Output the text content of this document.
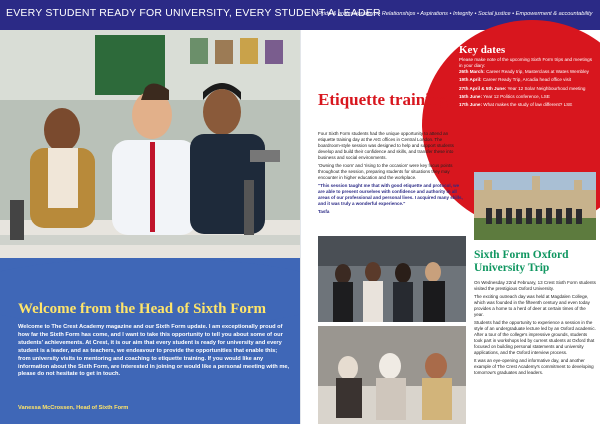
EVERY STUDENT READY FOR UNIVERSITY, EVERY STUDENT A LEADER
Pride & professionalism • Relationships • Aspirations • Integrity • Social justice • Empowerment & accountability
Welcome from the Head of Sixth Form
Welcome to The Crest Academy magazine and our Sixth Form update. I am exceptionally proud of how far the Sixth Form has come, and I want to take this opportunity to tell you about some of our students' achievements. At Crest, it is our aim that every student is ready for university and every student is a leader, and as teachers, we endeavour to provide the opportunities that enable this; from university visits to mentoring and coaching to etiquette training. If you would like any information about the Sixth Form, are interested in joining or would like a personal meeting with me, please do not hesitate to get in touch.
Vanessa McCrossen, Head of Sixth Form
Key dates
Please make note of the upcoming Sixth Form trips and meetings in your diary:
26th March: Career Ready trip, Masterclass at Wates Wembley
19th April: Career Ready Trip, Arcadia head office visit
27th April & 5th June: Year 12 Solar Neighbourhood meeting
15th June: Year 12 Politics conference, LSE
17th June: What makes the study of law different? LSE
Etiquette training

Four Sixth Form students had the unique opportunity to attend an etiquette training day at the AIG offices in Central London. The boardroom-style session was designed to help and support students develop and build their confidence and skills, and transfer these into business and social environments.

'Owning the room' and 'rising to the occasion' were key focus points throughout the session, preparing students for situations they may encounter in higher education and the workplace.

"This session taught me that with good etiquette and protocol, we are able to present ourselves with confidence and authority in all areas of our professional and personal lives. I acquired many skills, and it was truly a wonderful experience."

Tasfa

Sixth Form Oxford University Trip

On Wednesday 22nd February, 13 Crest Sixth Form students visited the prestigious Oxford University.

The exciting outreach day was held at Magdalen College, which was founded in the fifteenth century and even today provides a home to a herd of deer at certain times of the year.

Students had the opportunity to experience a session in the style of an undergraduate lecture led by an Oxford academic. After a tour of the college's impressive grounds, students took part in workshops led by current students at Oxford that focused on building personal statements and university applications, and the Oxford interview process.

It was an eye-opening and informative day, and another example of The Crest Academy's commitment to developing tomorrow's graduates and leaders.
